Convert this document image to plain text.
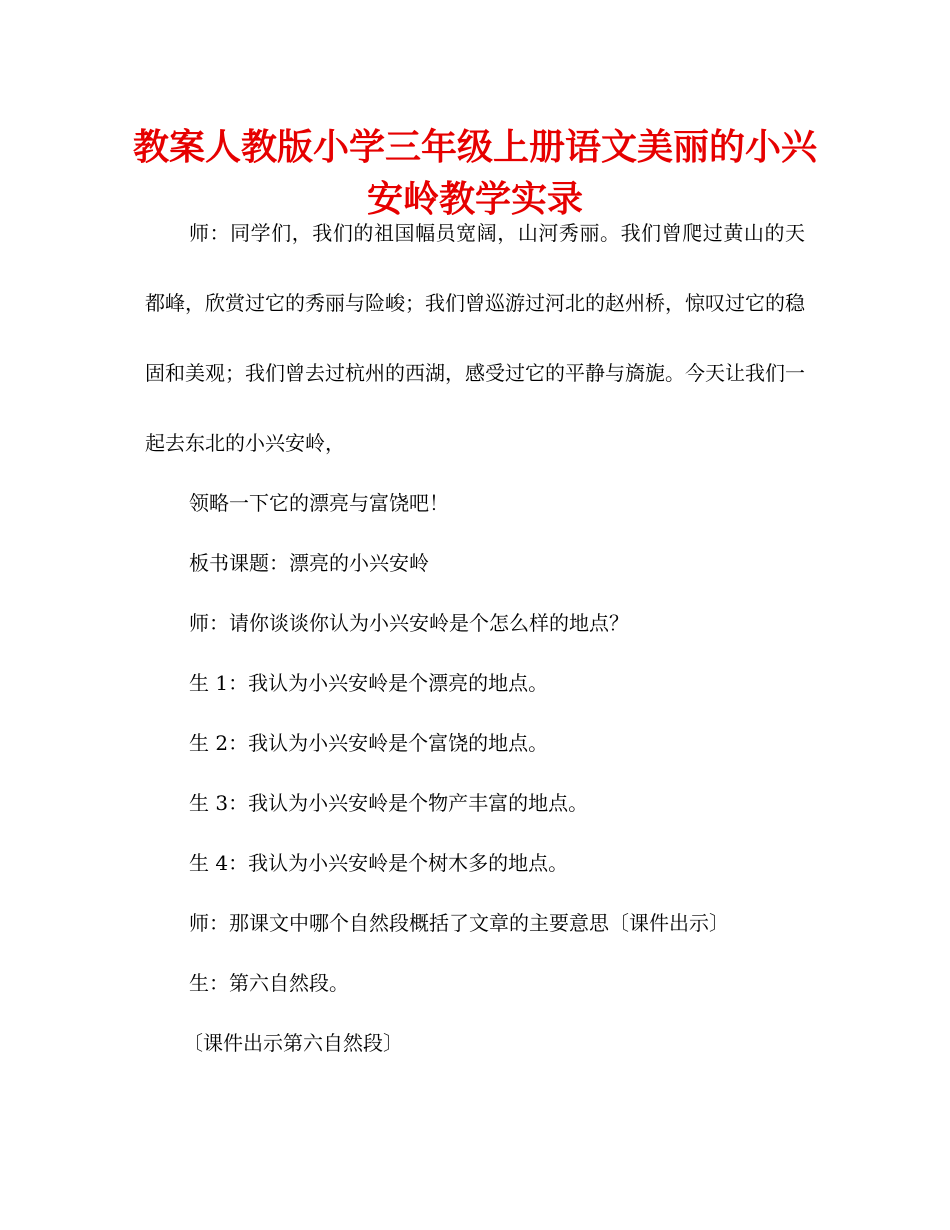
教案人教版小学三年级上册语文美丽的小兴安岭教学实录

师：同学们，我们的祖国幅员宽阔，山河秀丽。我们曾爬过黄山的天都峰，欣赏过它的秀丽与险峻；我们曾巡游过河北的赵州桥，惊叹过它的稳固和美观；我们曾去过杭州的西湖，感受过它的平静与旖旎。今天让我们一起去东北的小兴安岭，

领略一下它的漂亮与富饶吧！

板书课题：漂亮的小兴安岭

师：请你谈谈你认为小兴安岭是个怎么样的地点？

生 1：我认为小兴安岭是个漂亮的地点。

生 2：我认为小兴安岭是个富饶的地点。

生 3：我认为小兴安岭是个物产丰富的地点。

生 4：我认为小兴安岭是个树木多的地点。

师：那课文中哪个自然段概括了文章的主要意思〔课件出示〕

生：第六自然段。

〔课件出示第六自然段〕
